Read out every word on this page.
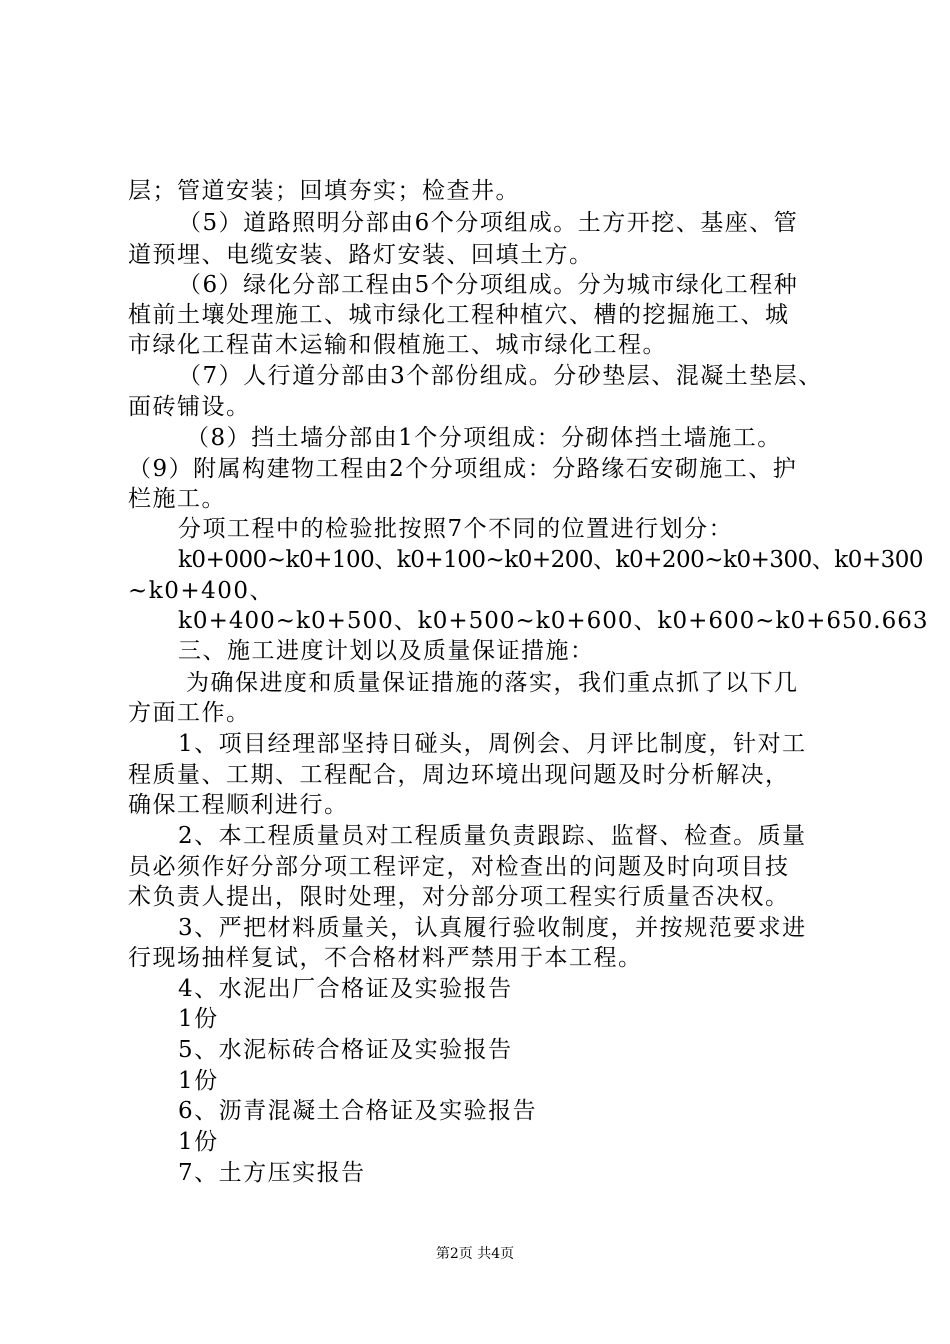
层；管道安装；回填夯实；检查井。
（5）道路照明分部由6个分项组成。土方开挖、基座、管
道预埋、电缆安装、路灯安装、回填土方。
（6）绿化分部工程由5个分项组成。分为城市绿化工程种
植前土壤处理施工、城市绿化工程种植穴、槽的挖掘施工、城
市绿化工程苗木运输和假植施工、城市绿化工程。
（7）人行道分部由3个部份组成。分砂垫层、混凝土垫层、
面砖铺设。
（8）挡土墙分部由1个分项组成：分砌体挡土墙施工。
（9）附属构建物工程由2个分项组成：分路缘石安砌施工、护
栏施工。
分项工程中的检验批按照7个不同的位置进行划分：
k0+000~k0+100、k0+100~k0+200、k0+200~k0+300、k0+300
~k0+400、
k0+400~k0+500、k0+500~k0+600、k0+600~k0+650.663
三、施工进度计划以及质量保证措施：
为确保进度和质量保证措施的落实，我们重点抓了以下几
方面工作。
1、项目经理部坚持日碰头，周例会、月评比制度，针对工
程质量、工期、工程配合，周边环境出现问题及时分析解决，
确保工程顺利进行。
2、本工程质量员对工程质量负责跟踪、监督、检查。质量
员必须作好分部分项工程评定，对检查出的问题及时向项目技
术负责人提出，限时处理，对分部分项工程实行质量否决权。
3、严把材料质量关，认真履行验收制度，并按规范要求进
行现场抽样复试，不合格材料严禁用于本工程。
4、水泥出厂合格证及实验报告
1份
5、水泥标砖合格证及实验报告
1份
6、沥青混凝土合格证及实验报告
1份
7、土方压实报告
第2页 共4页
